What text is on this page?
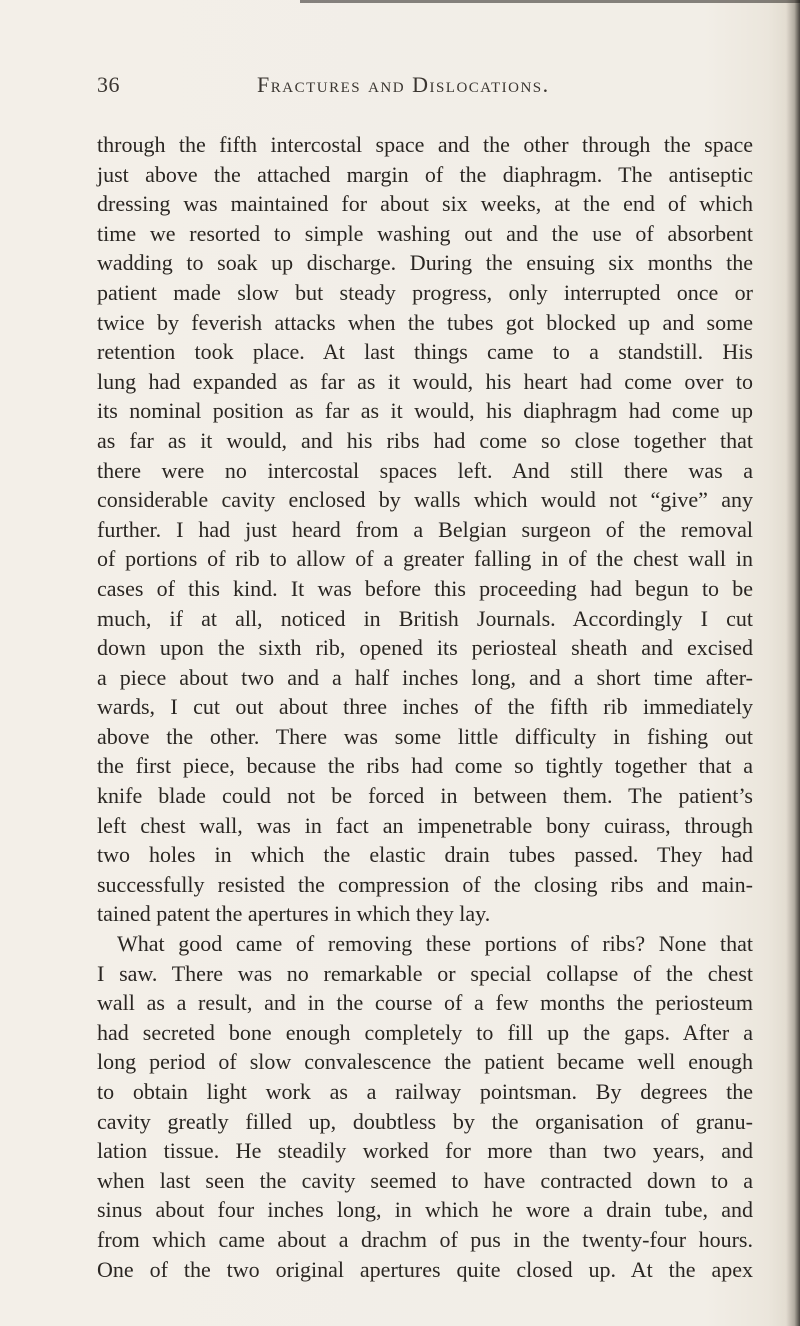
36	Fractures and Dislocations.
through the fifth intercostal space and the other through the space
just above the attached margin of the diaphragm. The antiseptic
dressing was maintained for about six weeks, at the end of which
time we resorted to simple washing out and the use of absorbent
wadding to soak up discharge. During the ensuing six months the
patient made slow but steady progress, only interrupted once or
twice by feverish attacks when the tubes got blocked up and some
retention took place. At last things came to a standstill. His
lung had expanded as far as it would, his heart had come over to
its nominal position as far as it would, his diaphragm had come up
as far as it would, and his ribs had come so close together that
there were no intercostal spaces left. And still there was a
considerable cavity enclosed by walls which would not “give” any
further. I had just heard from a Belgian surgeon of the removal
of portions of rib to allow of a greater falling in of the chest wall in
cases of this kind. It was before this proceeding had begun to be
much, if at all, noticed in British Journals. Accordingly I cut
down upon the sixth rib, opened its periosteal sheath and excised
a piece about two and a half inches long, and a short time after-
wards, I cut out about three inches of the fifth rib immediately
above the other. There was some little difficulty in fishing out
the first piece, because the ribs had come so tightly together that a
knife blade could not be forced in between them. The patient’s
left chest wall, was in fact an impenetrable bony cuirass, through
two holes in which the elastic drain tubes passed. They had
successfully resisted the compression of the closing ribs and main-
tained patent the apertures in which they lay.
What good came of removing these portions of ribs? None that
I saw. There was no remarkable or special collapse of the chest
wall as a result, and in the course of a few months the periosteum
had secreted bone enough completely to fill up the gaps. After a
long period of slow convalescence the patient became well enough
to obtain light work as a railway pointsman. By degrees the
cavity greatly filled up, doubtless by the organisation of granu-
lation tissue. He steadily worked for more than two years, and
when last seen the cavity seemed to have contracted down to a
sinus about four inches long, in which he wore a drain tube, and
from which came about a drachm of pus in the twenty-four hours.
One of the two original apertures quite closed up. At the apex
